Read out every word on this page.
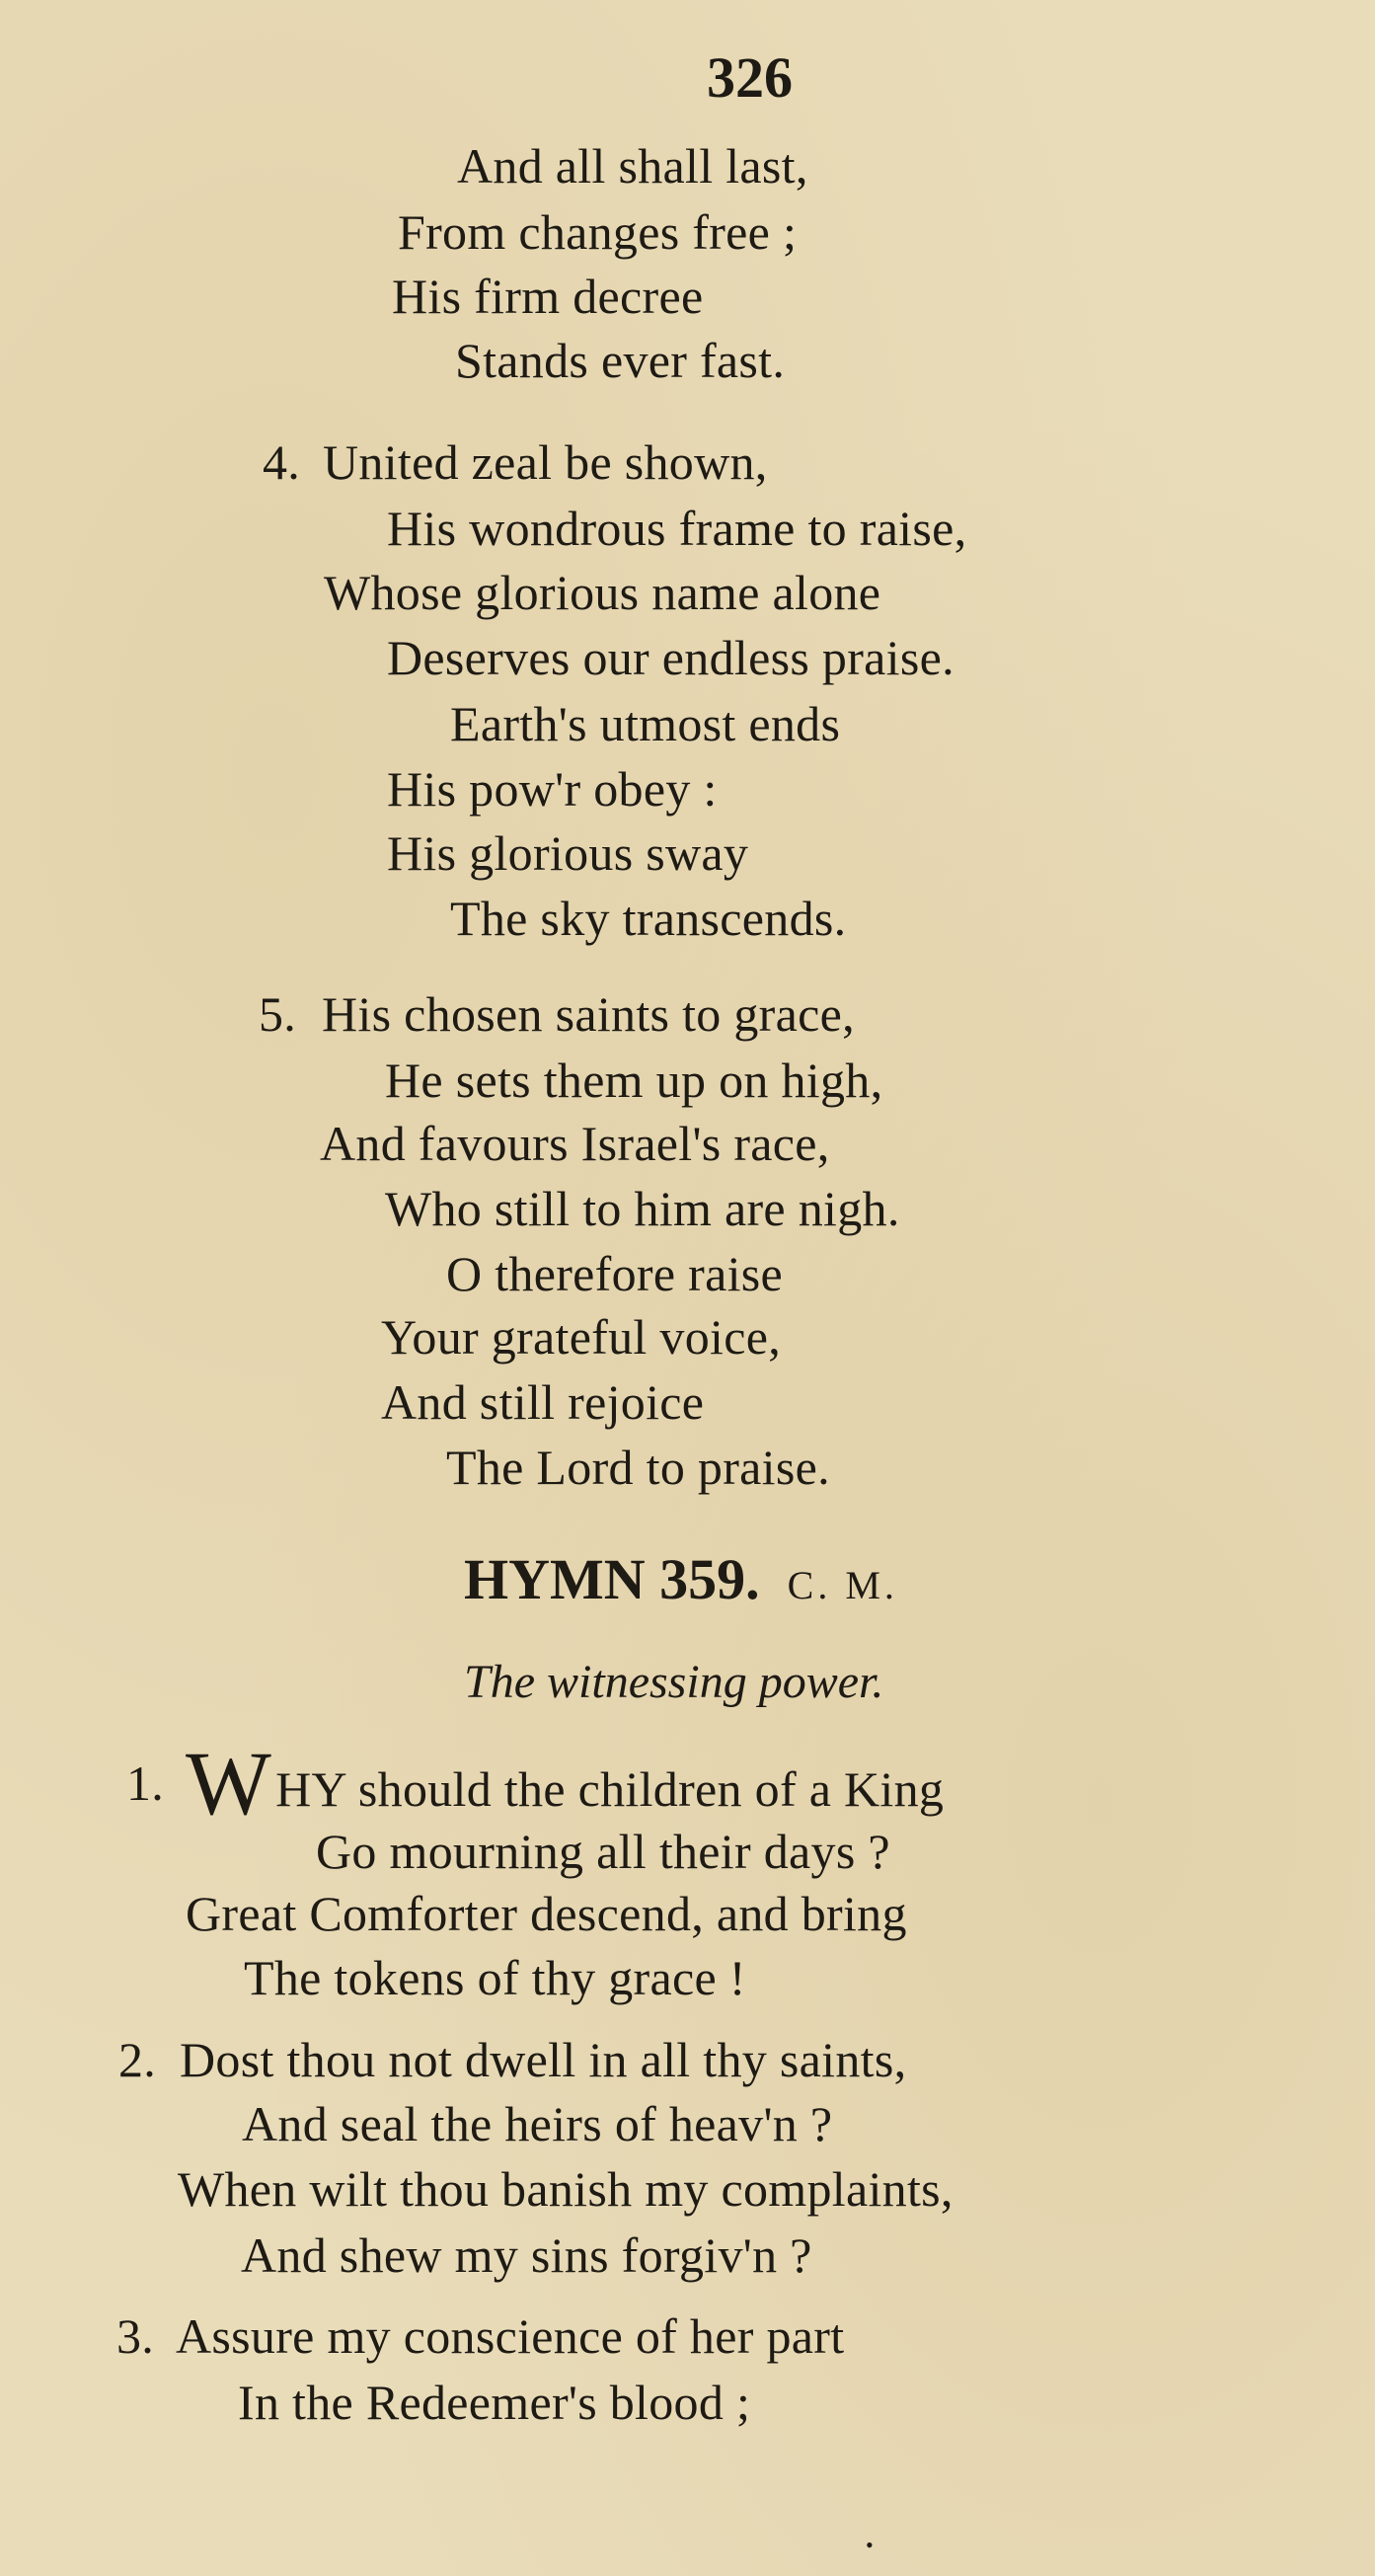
326
And all shall last,
From changes free ;
His firm decree
Stands ever fast.
4. United zeal be shown,
His wondrous frame to raise,
Whose glorious name alone
Deserves our endless praise.
Earth's utmost ends
His pow'r obey :
His glorious sway
The sky transcends.
5. His chosen saints to grace,
He sets them up on high,
And favours Israel's race,
Who still to him are nigh.
O therefore raise
Your grateful voice,
And still rejoice
The Lord to praise.
HYMN 359. C. M.
The witnessing power.
1. WHY should the children of a King
Go mourning all their days ?
Great Comforter descend, and bring
The tokens of thy grace !
2. Dost thou not dwell in all thy saints,
And seal the heirs of heav'n ?
When wilt thou banish my complaints,
And shew my sins forgiv'n ?
3. Assure my conscience of her part
In the Redeemer's blood ;
•
